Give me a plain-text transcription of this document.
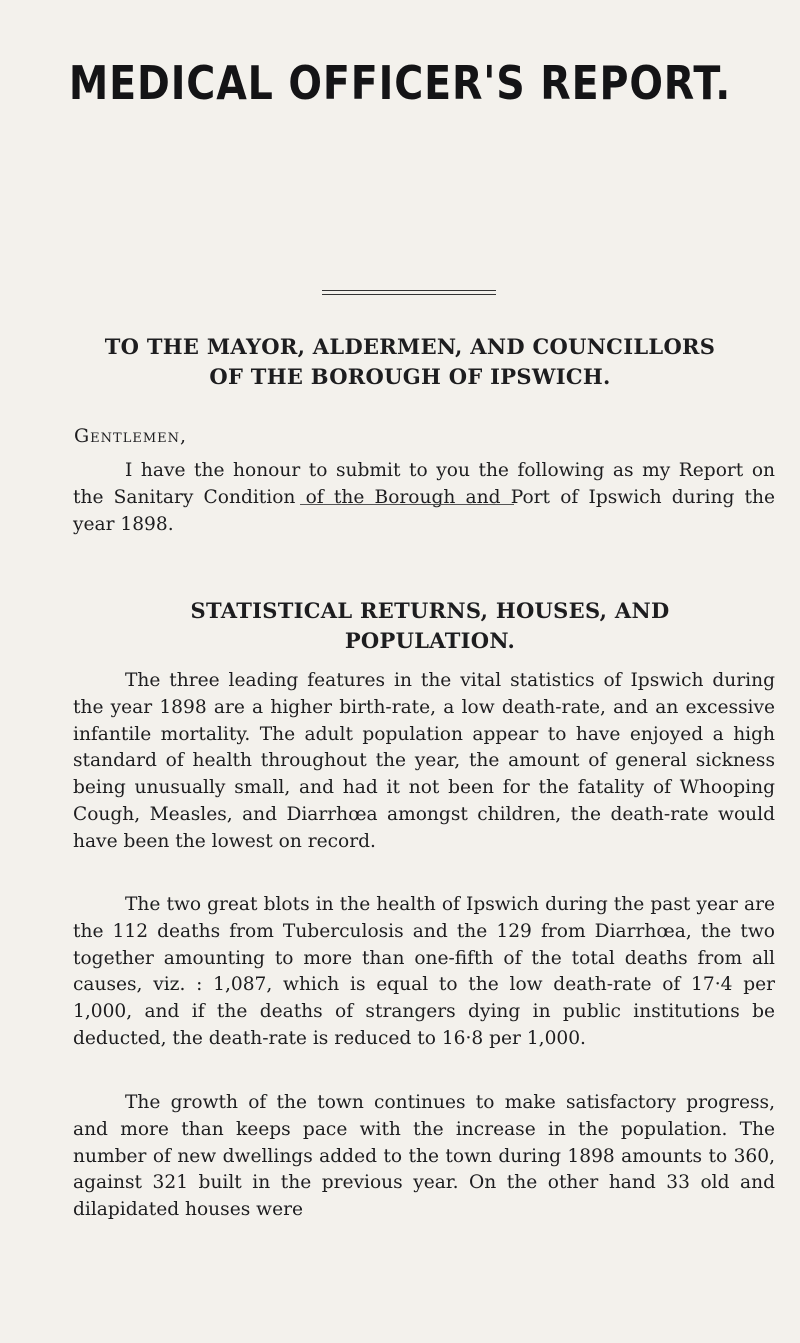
MEDICAL OFFICER'S REPORT.
TO THE MAYOR, ALDERMEN, AND COUNCILLORS
OF THE BOROUGH OF IPSWICH.
Gentlemen,

I have the honour to submit to you the following as my Report on the Sanitary Condition of the Borough and Port of Ipswich during the year 1898.

STATISTICAL RETURNS, HOUSES, AND
POPULATION.

The three leading features in the vital statistics of Ipswich during the year 1898 are a higher birth-rate, a low death-rate, and an excessive infantile mortality. The adult population appear to have enjoyed a high standard of health throughout the year, the amount of general sickness being unusually small, and had it not been for the fatality of Whooping Cough, Measles, and Diarrhœa amongst children, the death-rate would have been the lowest on record.

The two great blots in the health of Ipswich during the past year are the 112 deaths from Tuberculosis and the 129 from Diarrhœa, the two together amounting to more than one-fifth of the total deaths from all causes, viz. : 1,087, which is equal to the low death-rate of 17·4 per 1,000, and if the deaths of strangers dying in public institutions be deducted, the death-rate is reduced to 16·8 per 1,000.

The growth of the town continues to make satisfactory progress, and more than keeps pace with the increase in the population. The number of new dwellings added to the town during 1898 amounts to 360, against 321 built in the previous year. On the other hand 33 old and dilapidated houses were
